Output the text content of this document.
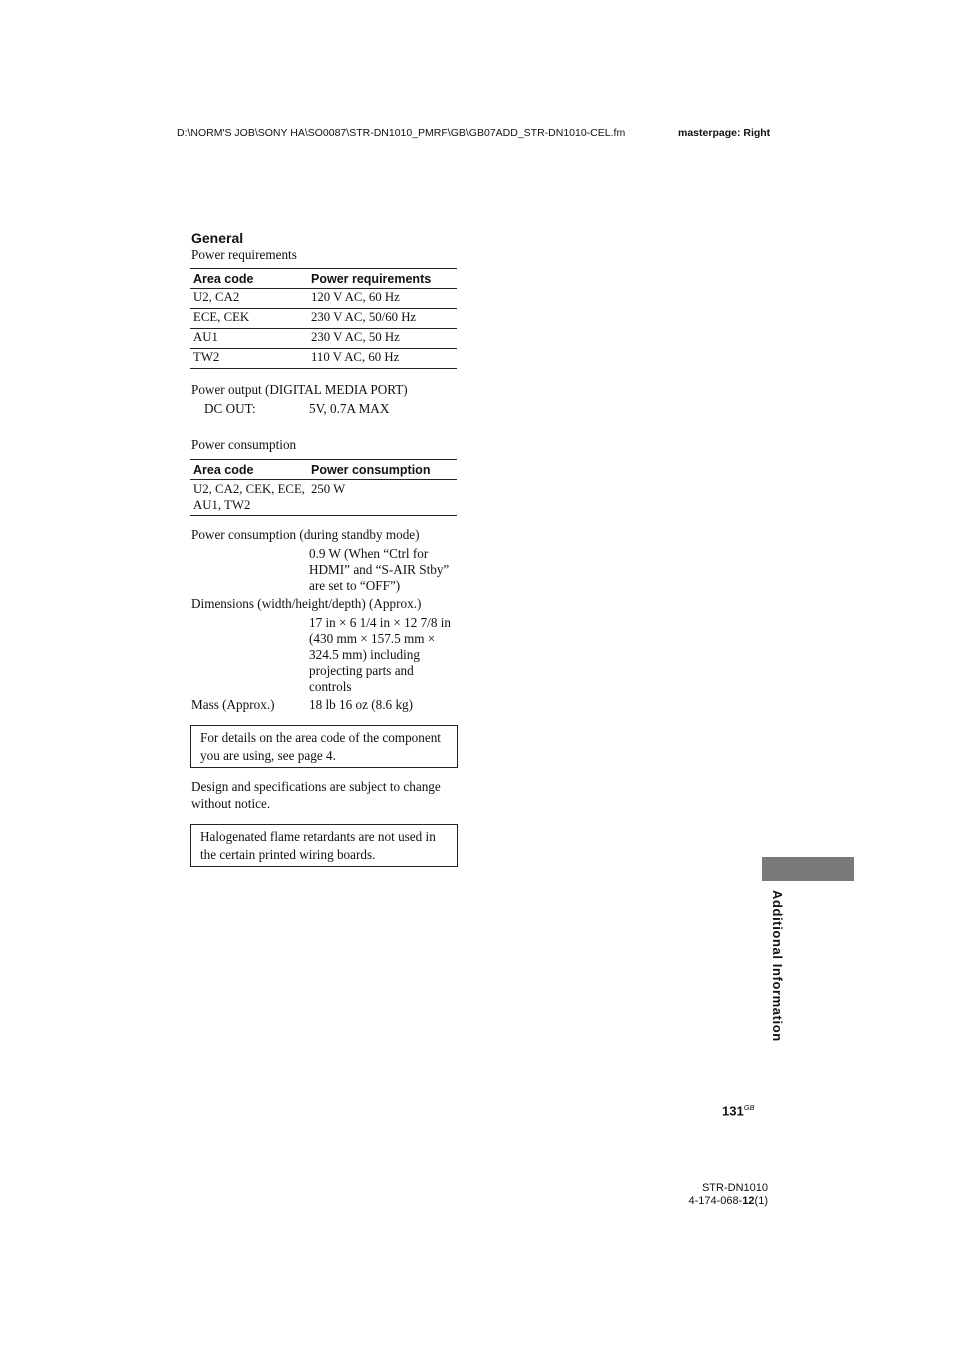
D:\NORM'S JOB\SONY HA\SO0087\STR-DN1010_PMRF\GB\GB07ADD_STR-DN1010-CEL.fm	masterpage: Right
General
Power requirements
Area code	Power requirements
U2, CA2	120 V AC, 60 Hz
ECE, CEK	230 V AC, 50/60 Hz
AU1	230 V AC, 50 Hz
TW2	110 V AC, 60 Hz
Power output (DIGITAL MEDIA PORT)
DC OUT:	5V, 0.7A MAX
Power consumption
Area code	Power consumption
U2, CA2, CEK, ECE, AU1, TW2	250 W
Power consumption (during standby mode)
0.9 W (When “Ctrl for HDMI” and “S-AIR Stby” are set to “OFF”)
Dimensions (width/height/depth) (Approx.)
17 in × 6 1/4 in × 12 7/8 in (430 mm × 157.5 mm × 324.5 mm) including projecting parts and controls
Mass (Approx.)	18 lb 16 oz (8.6 kg)
For details on the area code of the component you are using, see page 4.
Design and specifications are subject to change without notice.
Halogenated flame retardants are not used in the certain printed wiring boards.
Additional Information
$131^{GB}$
STR-DN1010
4-174-068-12(1)
